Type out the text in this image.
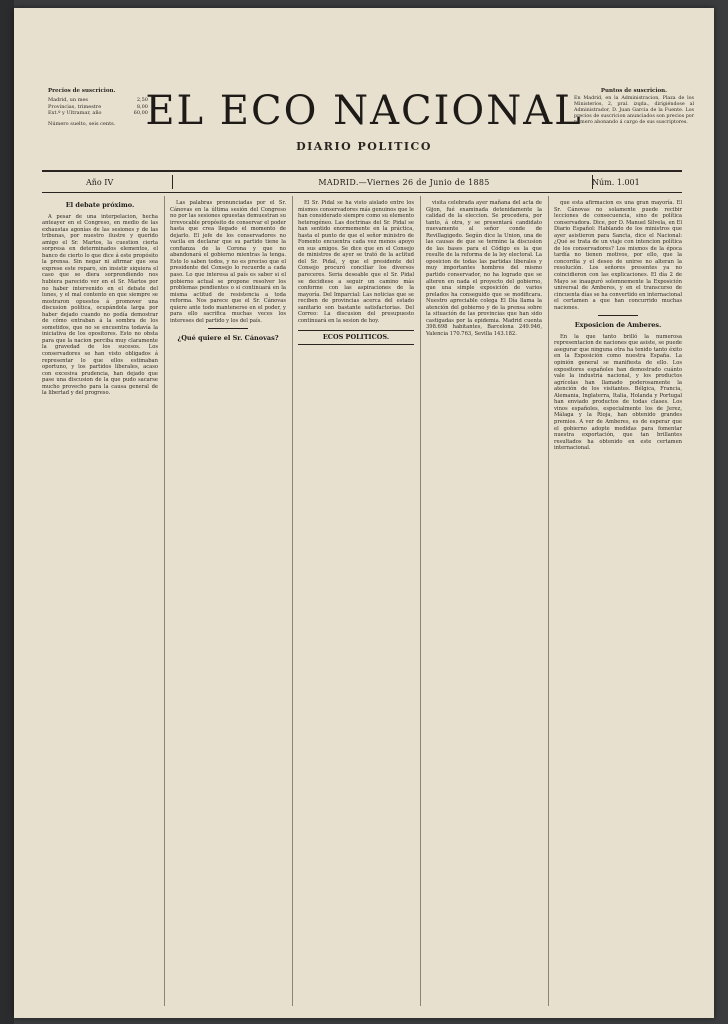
Precios de suscricion.
Madrid, un mes	2,50
Provincias, trimestre	8,00
Ext.º y Ultramar, año	60,00
Número suelto, seis cents. EL ECO NACIONAL
DIARIO POLITICO
Puntos de suscricion.
En Madrid, en la Administracion, Plaza de los Ministerios, 2, pral. izqda., dirigiéndose al Administrador, D. Juan Garcia de la Fuente. Los precios de suscricion anunciados son precios por número abonando á cargo de sus suscriptores.
Año IV	MADRID.—Viernes 26 de Junio de 1885	Núm. 1.001
El debate próximo.
A pesar de una interpelacion, hecha anteayer en el Congreso, en medio de las exhaustas agonías de las sesiones y de las tribunas, por nuestro ilustre y querido amigo el Sr. Martos, la cuestion cierta sorpresa en determinados elementos, el banco de cierto lo que dice á este propósito la prensa. Sin negar ni afirmar que sea exprese este reparo, sin insistir siquiera el caso que se diera sorprendiendo nos hubiera parecido ver en el Sr. Martos por no haber intervenido en el debate del lunes, y el mal contento en que siempre se mostraron opuestos á promover una discusion política, ocupándola larga por haber dejado cuando no podía demostrar de cómo entraban á la sombra de los sometidos, que no se encuentra todavía la iniciativa de los opositores. Esto no obsta para que la nacion perciba muy claramente la gravedad de los sucesos. Los conservadores se han visto obligados á representar lo que ellos estimaban oportuno, y los partidos liberales, acaso con excesiva prudencia, han dejado que pase una discusion de la que pudo sacarse mucho provecho para la causa general de la libertad y del progreso.
Las palabras pronunciadas por el Sr. Cánovas en la última sesión del Congreso no por las sesiones opuestas demuestran su irrevocable propósito de conservar el poder hasta que crea llegado el momento de dejarlo. El jefe de los conservadores no vacila en declarar que su partido tiene la confianza de la Corona y que no abandonará el gobierno mientras la tenga. Esto lo saben todos, y no es preciso que el presidente del Consejo lo recuerde a cada paso. Lo que interesa al país es saber si el gobierno actual se propone resolver los problemas pendientes o si continuará en la misma actitud de resistencia a toda reforma. Nos parece que el Sr. Cánovas quiere ante todo mantenerse en el poder, y para ello sacrifica muchas veces los intereses del partido y los del país.
¿Qué quiere el Sr. Cánovas?
El Sr. Pidal se ha visto aislado entre los mismos conservadores más genuinos que le han considerado siempre como su elemento heterogéneo. Las doctrinas del Sr. Pidal se han sentido enormemente en la práctica, hasta el punto de que el señor ministro de Fomento encuentra cada vez menos apoyo en sus amigos. Se dice que en el Consejo de ministros de ayer se trató de la actitud del Sr. Pidal, y que el presidente del Consejo procuró conciliar los diversos pareceres. Seria deseable que el Sr. Pidal se decidiese a seguir un camino más conforme con las aspiraciones de la mayoría. Del Imparcial: Las noticias que se reciben de provincias acerca del estado sanitario son bastante satisfactorias. Del Correo: La discusion del presupuesto continuará en la sesion de hoy.
ECOS POLITICOS.
visita celebrada ayer mañana del acta de Gijon, fué examinada detenidamente la calidad de la eleccion. Se procedera, por tanto, á otra, y se presentará candidato nuevamente al señor conde de Revillagigedo. Según dice la Union, una de las causas de que se termine la discusion de las bases para el Código es la que resulte de la reforma de la ley electoral. La oposicion de todas las partidas liberales y muy importantes hombres del mismo partido conservador, no ha logrado que se alteren en nada el proyecto del gobierno, que una simple exposición de varios prelados ha conseguido que se modificara. Nuestro apreciable colega El Día llama la atención del gobierno y de la prensa sobre la situación de las provincias que han sido castigadas por la epidemia. Madrid cuenta 398.698 habitantes, Barcelona 249.946, Valencia 170.763, Sevilla 143.182.
que esta afirmacion es una gran mayoría. El Sr. Cánovas no solamente puede recibir lecciones de consecuencia, sino de política conservadora. Dice, por D. Manuel Silvela, en El Diario Español: Hablando de los ministros que ayer asistieron para Sancta, dice el Nacional: ¿Qué se trata de un viaje con intencion política de los conservadores? Los mismos de la época tardía no tienen motivos, por ello, que la concordia y el deseo de unirse no alteran la resolución. Los señores presentes ya no coincidieron con las explicaciones. El día 2 de Mayo se inauguró solemnemente la Exposición universal de Amberes, y en el transcurso de cincuenta días se ha convertido en internacional el certamen a que han concurrido muchas naciones.
Exposicion de Amberes.
En la que tanto brilló la numerosa representacion de naciones que asiste, se puede asegurar que ninguna otra ha tenido tanto éxito en la Exposición como nuestra España. La opinión general se manifiesta de ello. Los expositores españoles han demostrado cuánto vale la industria nacional, y los productos agrícolas han llamado poderosamente la atención de los visitantes. Bélgica, Francia, Alemania, Inglaterra, Italia, Holanda y Portugal han enviado productos de todas clases. Los vinos españoles, especialmente los de Jerez, Málaga y la Rioja, han obtenido grandes premios. A ver de Amberes, es de esperar que el gobierno adopte medidas para fomentar nuestra exportación, que tan brillantes resultados ha obtenido en este certamen internacional.
